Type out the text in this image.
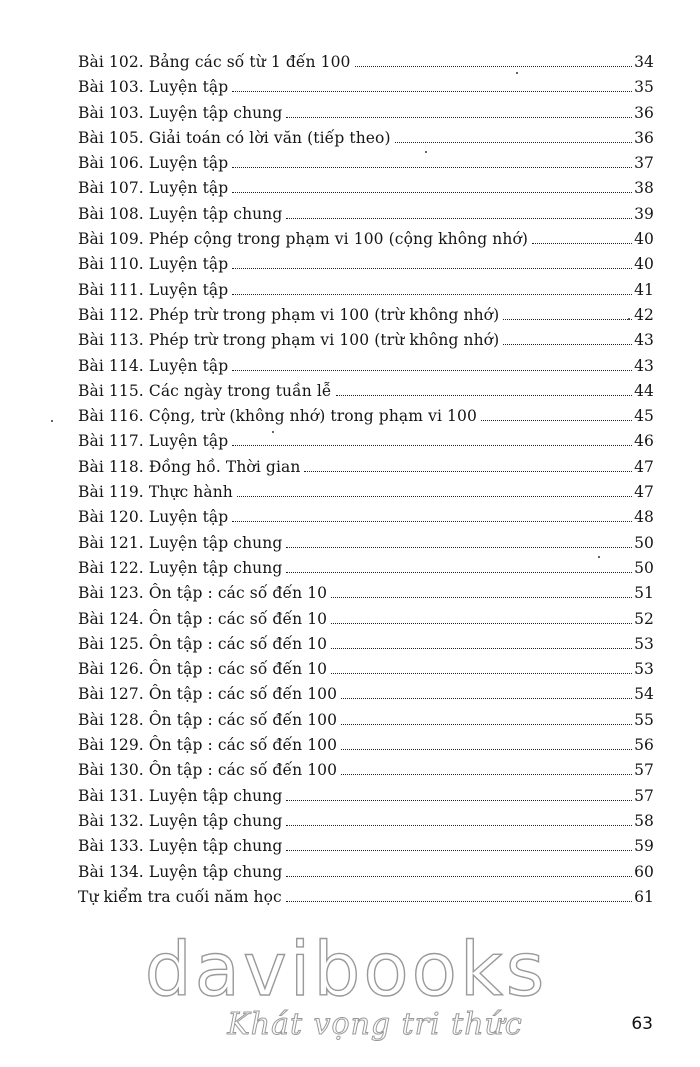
Bài 102. Bảng các số từ 1 đến 100	34
Bài 103. Luyện tập	35
Bài 103. Luyện tập chung	36
Bài 105. Giải toán có lời văn (tiếp theo)	36
Bài 106. Luyện tập	37
Bài 107. Luyện tập	38
Bài 108. Luyện tập chung	39
Bài 109. Phép cộng trong phạm vi 100 (cộng không nhớ)	40
Bài 110. Luyện tập	40
Bài 111. Luyện tập	41
Bài 112. Phép trừ trong phạm vi 100 (trừ không nhớ)	42
Bài 113. Phép trừ trong phạm vi 100 (trừ không nhớ)	43
Bài 114. Luyện tập	43
Bài 115. Các ngày trong tuần lễ	44
Bài 116. Cộng, trừ (không nhớ) trong phạm vi 100	45
Bài 117. Luyện tập	46
Bài 118. Đồng hồ. Thời gian	47
Bài 119. Thực hành	47
Bài 120. Luyện tập	48
Bài 121. Luyện tập chung	50
Bài 122. Luyện tập chung	50
Bài 123. Ôn tập : các số đến 10	51
Bài 124. Ôn tập : các số đến 10	52
Bài 125. Ôn tập : các số đến 10	53
Bài 126. Ôn tập : các số đến 10	53
Bài 127. Ôn tập : các số đến 100	54
Bài 128. Ôn tập : các số đến 100	55
Bài 129. Ôn tập : các số đến 100	56
Bài 130. Ôn tập : các số đến 100	57
Bài 131. Luyện tập chung	57
Bài 132. Luyện tập chung	58
Bài 133. Luyện tập chung	59
Bài 134. Luyện tập chung	60
Tự kiểm tra cuối năm học	61
davibooks
Khát vọng tri thức	63
